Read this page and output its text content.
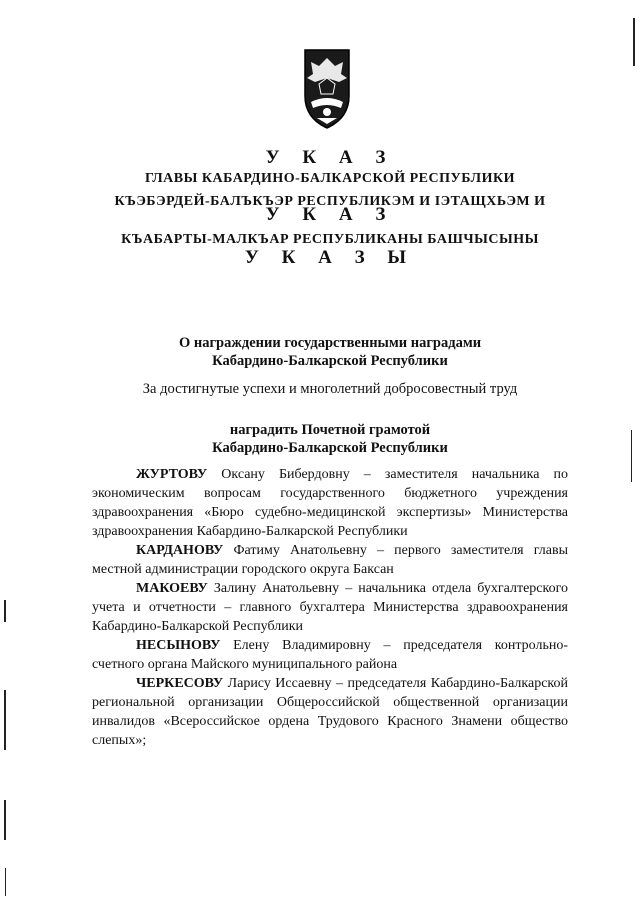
У К А З
ГЛАВЫ КАБАРДИНО-БАЛКАРСКОЙ РЕСПУБЛИКИ
КЪЭБЭРДЕЙ-БАЛЪКЪЭР РЕСПУБЛИКЭМ И ІЭТАЩХЬЭМ И
У К А З
КЪАБАРТЫ-МАЛКЪАР РЕСПУБЛИКАНЫ БАШЧЫСЫНЫ
У К А З Ы
О награждении государственными наградами
Кабардино-Балкарской Республики
За достигнутые успехи и многолетний добросовестный труд
наградить Почетной грамотой
Кабардино-Балкарской Республики

ЖУРТОВУ Оксану Бибердовну – заместителя начальника по экономическим вопросам государственного бюджетного учреждения здравоохранения «Бюро судебно-медицинской экспертизы» Министерства здравоохранения Кабардино-Балкарской Республики

КАРДАНОВУ Фатиму Анатольевну – первого заместителя главы местной администрации городского округа Баксан

МАКОЕВУ Залину Анатольевну – начальника отдела бухгалтерского учета и отчетности – главного бухгалтера Министерства здравоохранения Кабардино-Балкарской Республики

НЕСЫНОВУ Елену Владимировну – председателя контрольно-счетного органа Майского муниципального района

ЧЕРКЕСОВУ Ларису Иссаевну – председателя Кабардино-Балкарской региональной организации Общероссийской общественной организации инвалидов «Всероссийское ордена Трудового Красного Знамени общество слепых»;
